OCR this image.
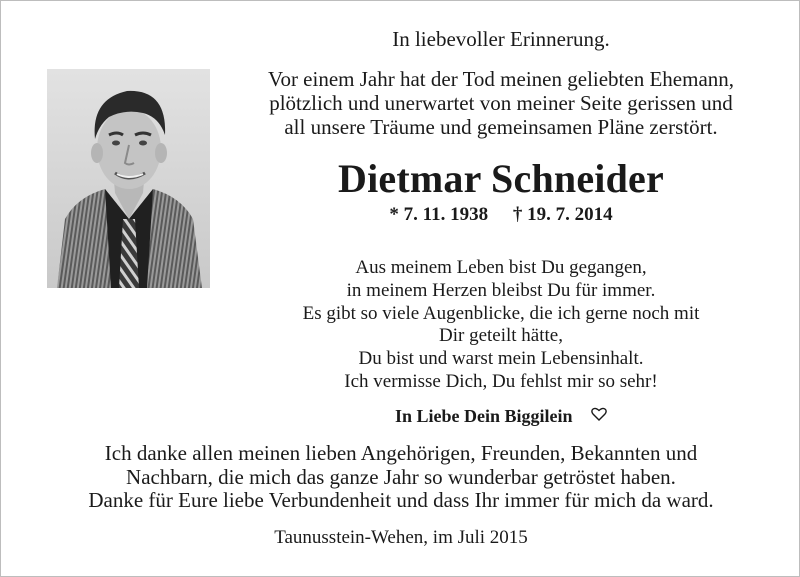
In liebevoller Erinnerung.
Vor einem Jahr hat der Tod meinen geliebten Ehemann,
plötzlich und unerwartet von meiner Seite gerissen und
all unsere Träume und gemeinsamen Pläne zerstört.
Dietmar Schneider
* 7. 11. 1938 † 19. 7. 2014
Aus meinem Leben bist Du gegangen,
in meinem Herzen bleibst Du für immer.
Es gibt so viele Augenblicke, die ich gerne noch mit
Dir geteilt hätte,
Du bist und warst mein Lebensinhalt.
Ich vermisse Dich, Du fehlst mir so sehr!
In Liebe Dein Biggilein
Ich danke allen meinen lieben Angehörigen, Freunden, Bekannten und
Nachbarn, die mich das ganze Jahr so wunderbar getröstet haben.
Danke für Eure liebe Verbundenheit und dass Ihr immer für mich da ward.
Taunusstein-Wehen, im Juli 2015
